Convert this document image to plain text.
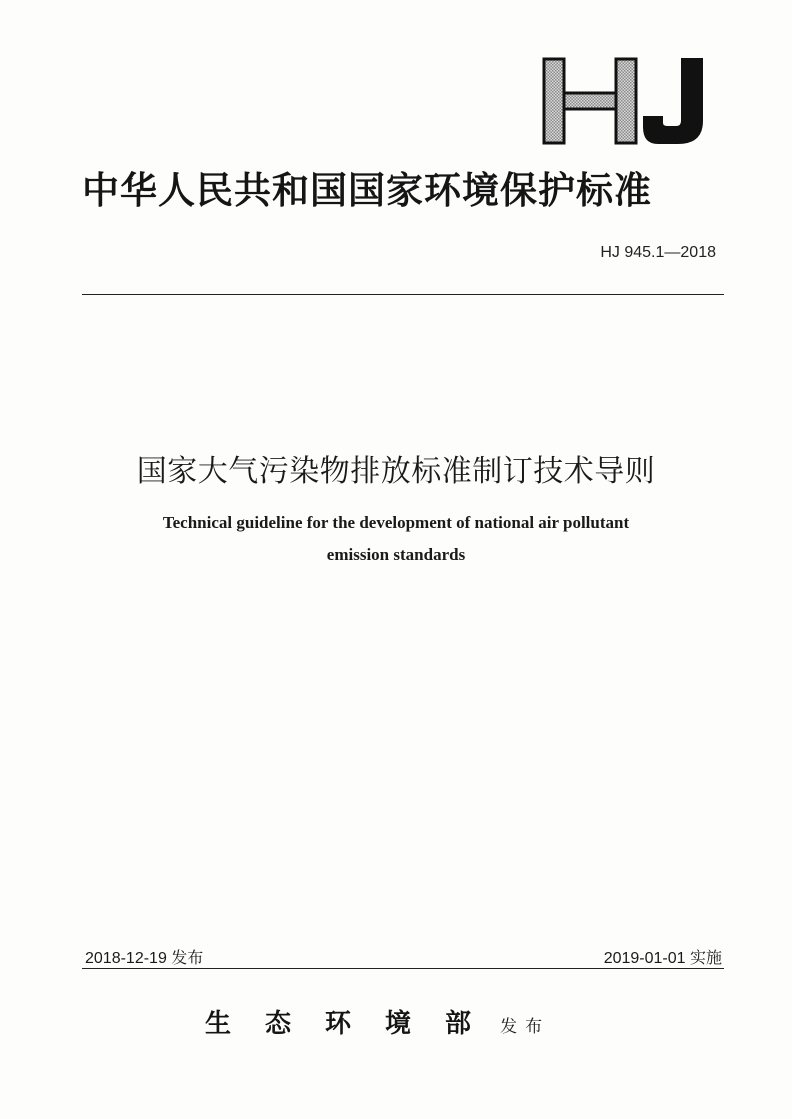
中华人民共和国国家环境保护标准
HJ 945.1—2018
国家大气污染物排放标准制订技术导则
Technical guideline for the development of national air pollutant
emission standards
2018-12-19 发布	2019-01-01 实施
生态环境部 发布
